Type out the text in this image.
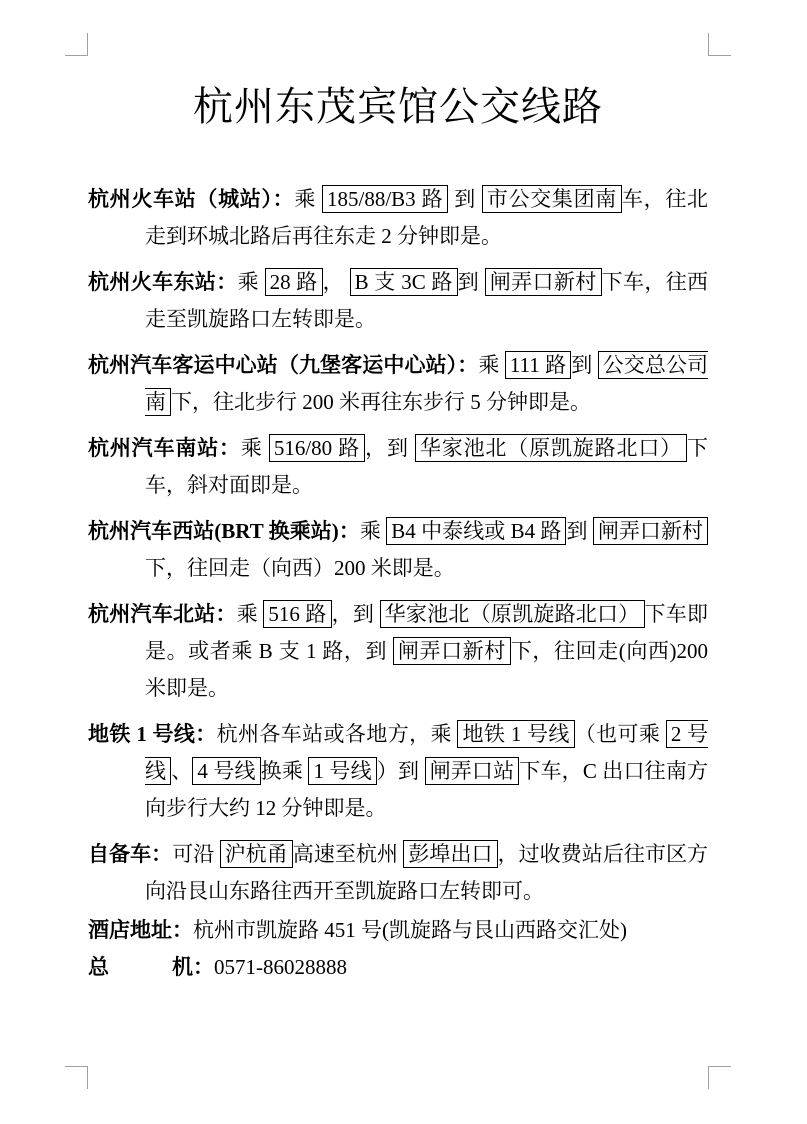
杭州东茂宾馆公交线路

杭州火车站（城站）：乘 185/88/B3 路 到 市公交集团南 车，往北走到环城北路后再往东走 2 分钟即是。

杭州火车东站：乘 28 路 ， B 支 3C 路 到 闸弄口新村 下车，往西走至凯旋路口左转即是。

杭州汽车客运中心站（九堡客运中心站）：乘 111 路 到 公交总公司南 下，往北步行 200 米再往东步行 5 分钟即是。

杭州汽车南站：乘 516/80 路 ，到 华家池北（原凯旋路北口） 下车，斜对面即是。

杭州汽车西站(BRT 换乘站)：乘 B4 中泰线或 B4 路 到 闸弄口新村下，往回走（向西）200 米即是。

杭州汽车北站：乘 516 路 ，到 华家池北（原凯旋路北口） 下车即是。或者乘 B 支 1 路，到 闸弄口新村 下，往回走(向西)200 米即是。

地铁 1 号线：杭州各车站或各地方，乘 地铁 1 号线 （也可乘 2 号线 、 4 号线 换乘 1 号线 ）到 闸弄口站 下车，C 出口往南方向步行大约 12 分钟即是。

自备车：可沿 沪杭甬 高速至杭州 彭埠出口 ，过收费站后往市区方向沿艮山东路往西开至凯旋路口左转即可。

酒店地址：杭州市凯旋路 451 号(凯旋路与艮山西路交汇处)

总　　　机：0571-86028888
